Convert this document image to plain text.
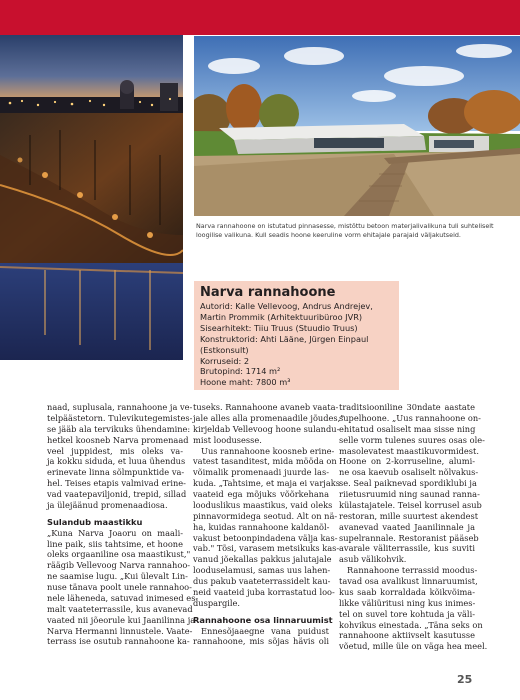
Narva rannahoone on istutatud pinnasesse, mistõttu betoon materjalivalikuna tuli suhteliselt
loogilise valikuna. Kull seadis hoone keeruline vorm ehitajale parajaid väljakutseid.
Narva rannahoone
Autorid: Kalle Vellevoog, Andrus Andrejev,
Martin Prommik (Arhitektuuribüroo JVR)
Sisearhitekt: Tiiu Truus (Stuudio Truus)
Konstruktorid: Ahti Lääne, Jürgen Einpaul
(Estkonsult)
Korruseid: 2
Brutopind: 1714 m²
Hoone maht: 7800 m³
naad, suplusala, rannahoone ja ve-
telpäästetorn. Tulevikutegemistes-
se jääb ala tervikuks ühendamine:
hetkel koosneb Narva promenaad
veel juppidest, mis oleks va-
ja kokku siduda, et luua ühendus
erinevate linna sõlmpunktide va-
hel. Teises etapis valmivad erine-
vad vaatepaviljonid, trepid, sillad
ja ülejäänud promenaadiosa.
Sulandub maastikku
„Kuna Narva Joaoru on maali-
line paik, siis tahtsime, et hoone
oleks orgaaniline osa maastikust,"
räägib Vellevoog Narva rannahoo-
ne saamise lugu. „Kui ülevalt Lin-
nuse tänava poolt unele rannahoo-
nele läheneda, satuvad inimesed es-
malt vaateterrassile, kus avanevad
vaated nii jõeorule kui Jaanilinna ja
Narva Hermanni linnustele. Vaate-
terrass ise osutub rannahoone ka-
tuseks. Rannahoone avaneb vaata-
jale alles alla promenaadile jõudes,"
kirjeldab Vellevoog hoone sulandu-
mist loodusesse.
Uus rannahoone koosneb erine-
vatest tasanditest, mida mööda on
võimalik promenaadi juurde las-
kuda. „Tahtsime, et maja ei varjaks
vaateid ega mõjuks võõrkehana
looduslikus maastikus, vaid oleks
pinnavormidega seotud. Alt on nä-
ha, kuidas rannahoone kaldanõl-
vakust betoonpindadena välja kas-
vab." Tõsi, varasem metsikuks kas-
vanud jõekallas pakkus jalutajale
looduselamusi, samas uus lahen-
dus pakub vaateterrassidelt kau-
neid vaateid juba korrastatud loo-
duspargile.
Rannahoone osa linnaruumist
Ennesõjaaegne vana puidust
rannahoone, mis sõjas hävis oli
traditsiooniline 30ndate aastate
supelhoone. „Uus rannahoone on-
ehitatud osaliselt maa sisse ning
selle vorm tulenes suures osas ole-
masolevatest maastikuvormidest.
Hoone on 2-korruseline, alumi-
ne osa kaevub osaliselt nõlvakus-
se. Seal paiknevad spordiklubi ja
riietusruumid ning saunad ranna-
külastajatele. Teisel korrusel asub
restoran, mille suurtest akendest
avanevad vaated Jaanilinnale ja
supelrannale. Restoranist pääseb
avarale väliterrassile, kus suviti
asub välikohvik.
Rannahoone terrassid moodus-
tavad osa avalikust linnaruumist,
kus saab korraldada kõikvõima-
likke väliüritusi ning kus inimes-
tel on suvel tore kohtuda ja väli-
kohvikus einestada. „Täna seks on
rannahoone aktiivselt kasutusse
võetud, mille üle on väga hea meel.
25
